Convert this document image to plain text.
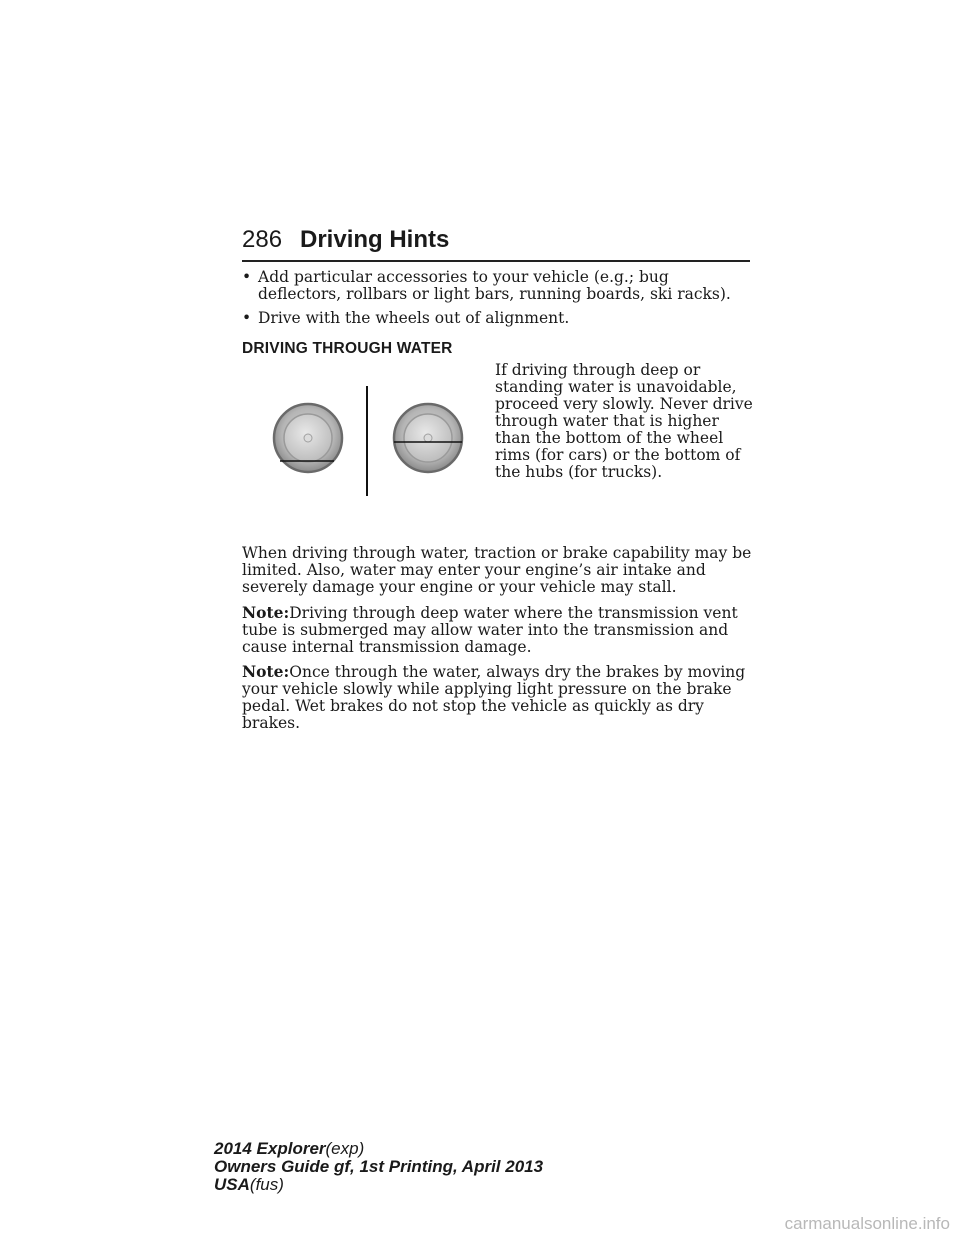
286 Driving Hints
• Add particular accessories to your vehicle (e.g.; bug deflectors, rollbars or light bars, running boards, ski racks).
• Drive with the wheels out of alignment.
DRIVING THROUGH WATER

If driving through deep or standing water is unavoidable, proceed very slowly. Never drive through water that is higher than the bottom of the wheel rims (for cars) or the bottom of the hubs (for trucks).

When driving through water, traction or brake capability may be limited. Also, water may enter your engine’s air intake and severely damage your engine or your vehicle may stall.

Note:Driving through deep water where the transmission vent tube is submerged may allow water into the transmission and cause internal transmission damage.

Note:Once through the water, always dry the brakes by moving your vehicle slowly while applying light pressure on the brake pedal. Wet brakes do not stop the vehicle as quickly as dry brakes.

2014 Explorer(exp)
Owners Guide gf, 1st Printing, April 2013
USA(fus)
carmanualsonline.info
